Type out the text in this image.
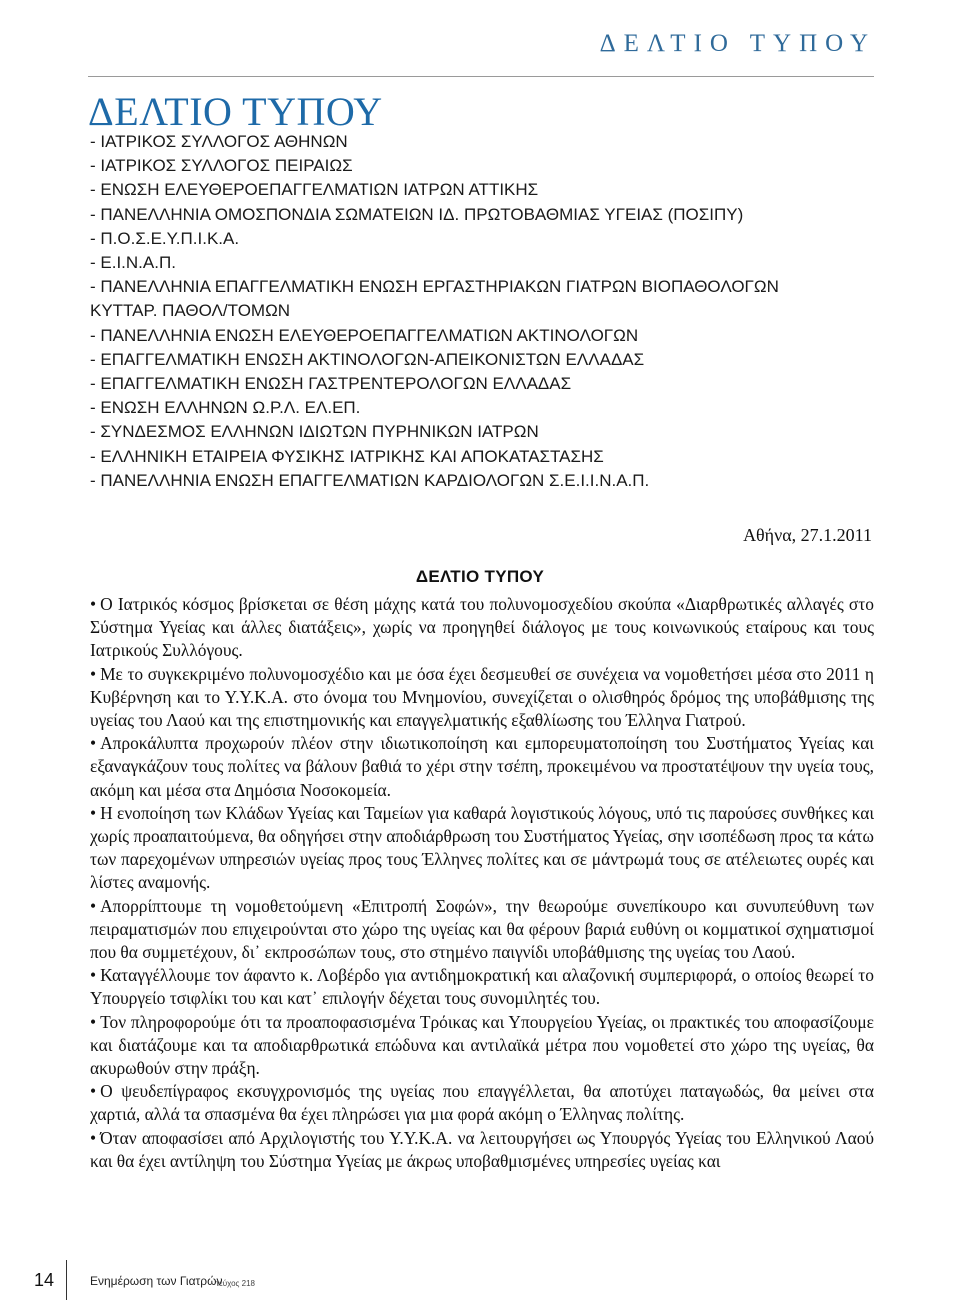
ΔΕΛΤΙΟ ΤΥΠΟΥ
ΔΕΛΤΙΟ ΤΥΠΟΥ
- ΙΑΤΡΙΚΟΣ ΣΥΛΛΟΓΟΣ ΑΘΗΝΩΝ
- ΙΑΤΡΙΚΟΣ ΣΥΛΛΟΓΟΣ ΠΕΙΡΑΙΩΣ
- ΕΝΩΣΗ ΕΛΕΥΘΕΡΟΕΠΑΓΓΕΛΜΑΤΙΩΝ ΙΑΤΡΩΝ ΑΤΤΙΚΗΣ
- ΠΑΝΕΛΛΗΝΙΑ ΟΜΟΣΠΟΝΔΙΑ ΣΩΜΑΤΕΙΩΝ ΙΔ. ΠΡΩΤΟΒΑΘΜΙΑΣ ΥΓΕΙΑΣ (ΠΟΣΙΠΥ)
- Π.Ο.Σ.Ε.Υ.Π.Ι.Κ.Α.
- Ε.Ι.Ν.Α.Π.
- ΠΑΝΕΛΛΗΝΙΑ ΕΠΑΓΓΕΛΜΑΤΙΚΗ ΕΝΩΣΗ ΕΡΓΑΣΤΗΡΙΑΚΩΝ ΓΙΑΤΡΩΝ ΒΙΟΠΑΘΟΛΟΓΩΝ
ΚΥΤΤΑΡ. ΠΑΘΟΛ/ΤΟΜΩΝ
- ΠΑΝΕΛΛΗΝΙΑ ΕΝΩΣΗ ΕΛΕΥΘΕΡΟΕΠΑΓΓΕΛΜΑΤΙΩΝ ΑΚΤΙΝΟΛΟΓΩΝ
- ΕΠΑΓΓΕΛΜΑΤΙΚΗ ΕΝΩΣΗ ΑΚΤΙΝΟΛΟΓΩΝ-ΑΠΕΙΚΟΝΙΣΤΩΝ ΕΛΛΑΔΑΣ
- ΕΠΑΓΓΕΛΜΑΤΙΚΗ ΕΝΩΣΗ ΓΑΣΤΡΕΝΤΕΡΟΛΟΓΩΝ ΕΛΛΑΔΑΣ
- ΕΝΩΣΗ ΕΛΛΗΝΩΝ Ω.Ρ.Λ. ΕΛ.ΕΠ.
- ΣΥΝΔΕΣΜΟΣ ΕΛΛΗΝΩΝ ΙΔΙΩΤΩΝ ΠΥΡΗΝΙΚΩΝ ΙΑΤΡΩΝ
- ΕΛΛΗΝΙΚΗ ΕΤΑΙΡΕΙΑ ΦΥΣΙΚΗΣ ΙΑΤΡΙΚΗΣ ΚΑΙ ΑΠΟΚΑΤΑΣΤΑΣΗΣ
- ΠΑΝΕΛΛΗΝΙΑ ΕΝΩΣΗ ΕΠΑΓΓΕΛΜΑΤΙΩΝ ΚΑΡΔΙΟΛΟΓΩΝ Σ.Ε.Ι.Ι.Ν.Α.Π.
Αθήνα, 27.1.2011
ΔΕΛΤΙΟ ΤΥΠΟΥ

• Ο Ιατρικός κόσμος βρίσκεται σε θέση μάχης κατά του πολυνομοσχεδίου σκούπα «Διαρθρωτικές αλλαγές στο Σύστημα Υγείας και άλλες διατάξεις», χωρίς να προηγηθεί διάλογος με τους κοινωνικούς εταίρους και τους Ιατρικούς Συλλόγους.

• Με το συγκεκριμένο πολυνομοσχέδιο και με όσα έχει δεσμευθεί σε συνέχεια να νομοθετήσει μέσα στο 2011 η Κυβέρνηση και το Υ.Υ.Κ.Α. στο όνομα του Μνημονίου, συνεχίζεται ο ολισθηρός δρόμος της υποβάθμισης της υγείας του Λαού και της επιστημονικής και επαγγελματικής εξαθλίωσης του Έλληνα Γιατρού.

• Απροκάλυπτα προχωρούν πλέον στην ιδιωτικοποίηση και εμπορευματοποίηση του Συστήματος Υγείας και εξαναγκάζουν τους πολίτες να βάλουν βαθιά το χέρι στην τσέπη, προκειμένου να προστατέψουν την υγεία τους, ακόμη και μέσα στα Δημόσια Νοσοκομεία.

• Η ενοποίηση των Κλάδων Υγείας και Ταμείων για καθαρά λογιστικούς λόγους, υπό τις παρούσες συνθήκες και χωρίς προαπαιτούμενα, θα οδηγήσει στην αποδιάρθρωση του Συστήματος Υγείας, σην ισοπέδωση προς τα κάτω των παρεχομένων υπηρεσιών υγείας προς τους Έλληνες πολίτες και σε μάντρωμά τους σε ατέλειωτες ουρές και λίστες αναμονής.

• Απορρίπτουμε τη νομοθετούμενη «Επιτροπή Σοφών», την θεωρούμε συνεπίκουρο και συνυπεύθυνη των πειραματισμών που επιχειρούνται στο χώρο της υγείας και θα φέρουν βαριά ευθύνη οι κομματικοί σχηματισμοί που θα συμμετέχουν, δι᾽ εκπροσώπων τους, στο στημένο παιγνίδι υποβάθμισης της υγείας του Λαού.

• Καταγγέλλουμε τον άφαντο κ. Λοβέρδο για αντιδημοκρατική και αλαζονική συμπεριφορά, ο οποίος θεωρεί το Υπουργείο τσιφλίκι του και κατ᾽ επιλογήν δέχεται τους συνομιλητές του.

• Τον πληροφορούμε ότι τα προαποφασισμένα Τρόικας και Υπουργείου Υγείας, οι πρακτικές του αποφασίζουμε και διατάζουμε και τα αποδιαρθρωτικά επώδυνα και αντιλαϊκά μέτρα που νομοθετεί στο χώρο της υγείας, θα ακυρωθούν στην πράξη.

• Ο ψευδεπίγραφος εκσυγχρονισμός της υγείας που επαγγέλλεται, θα αποτύχει παταγωδώς, θα μείνει στα χαρτιά, αλλά τα σπασμένα θα έχει πληρώσει για μια φορά ακόμη ο Έλληνας πολίτης.

• Όταν αποφασίσει από Αρχιλογιστής του Υ.Υ.Κ.Α. να λειτουργήσει ως Υπουργός Υγείας του Ελληνικού Λαού και θα έχει αντίληψη του Σύστημα Υγείας με άκρως υποβαθμισμένες υπηρεσίες υγείας και

14	Ενημέρωση των Γιατρών
τεύχος 218
